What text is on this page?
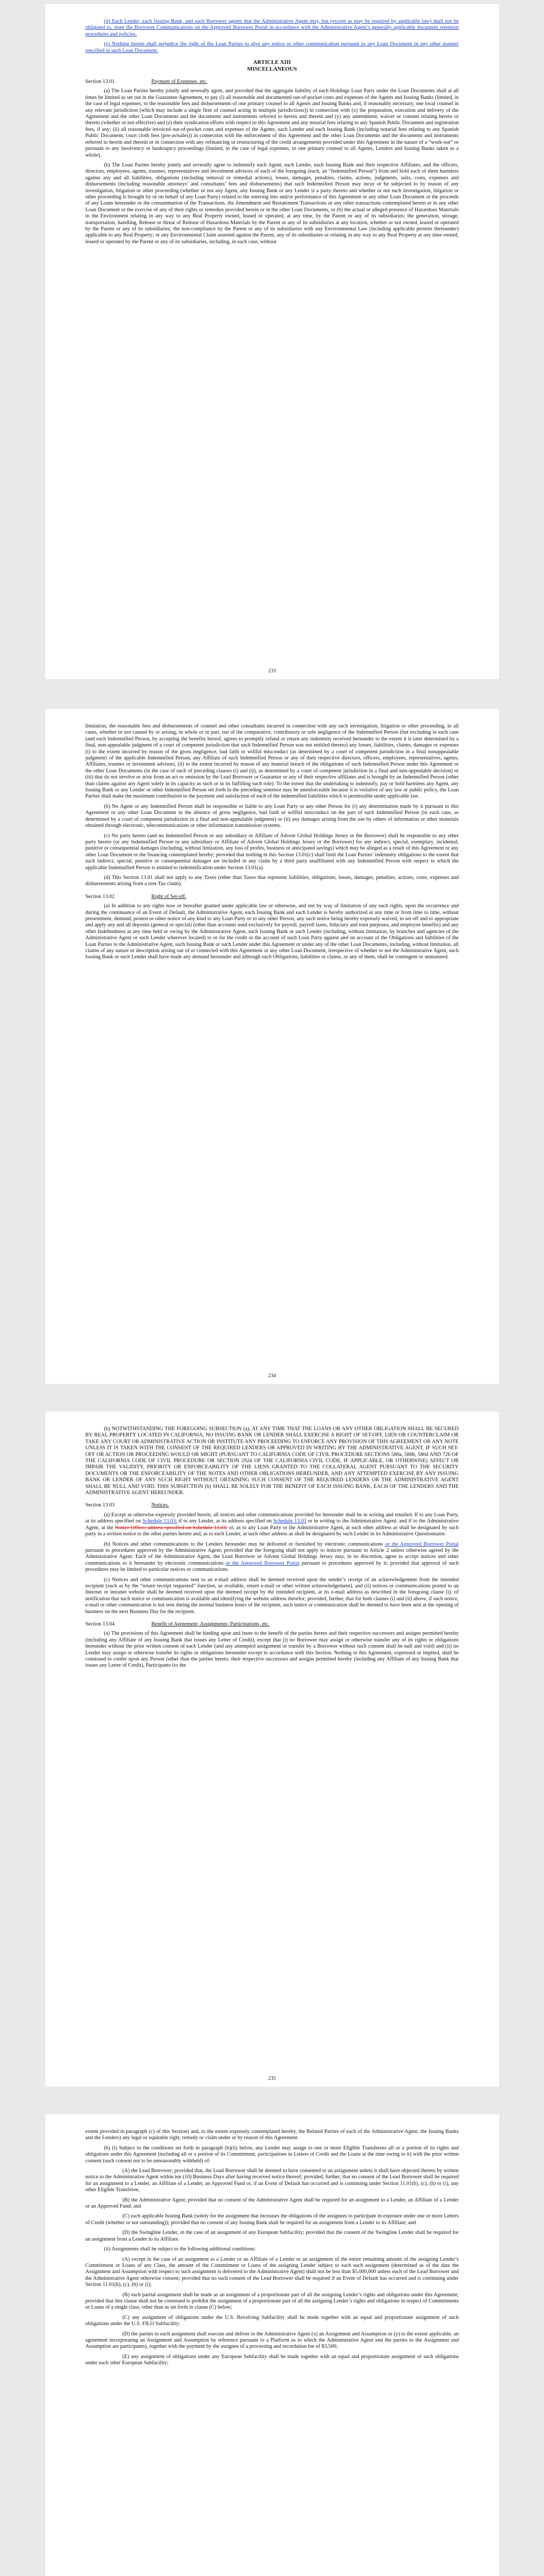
(d) Each Lender, each Issuing Bank, and each Borrower agrees that the Administrative Agent may, but (except as may be required by applicable law) shall not be obligated to, store the Borrower Communications on the Approved Borrower Portal in accordance with the Administrative Agent’s generally applicable document retention procedures and policies.

(e) Nothing herein shall prejudice the right of the Loan Parties to give any notice or other communication pursuant to any Loan Document in any other manner specified in such Loan Document.

ARTICLE XIII
MISCELLANEOUS
Section 13.01	Payment of Expenses, etc.

(a) The Loan Parties hereby jointly and severally agree, and provided that the aggregate liability of each Holdings Loan Party under the Loan Documents shall at all times be limited as set out in the Guarantee Agreement, to pay (i) all reasonable and documented out-of-pocket costs and expenses of the Agents and Issuing Banks (limited, in the case of legal expenses, to the reasonable fees and disbursements of one primary counsel to all Agents and Issuing Banks and, if reasonably necessary, one local counsel in any relevant jurisdiction (which may include a single firm of counsel acting in multiple jurisdictions)) in connection with (x) the preparation, execution and delivery of the Agreement and the other Loan Documents and the documents and instruments referred to herein and therein and (y) any amendment, waiver or consent relating hereto or thereto (whether or not effective) and (z) their syndication efforts with respect to this Agreement and any notarial fees relating to any Spanish Public Document and registration fees, if any; (ii) all reasonable invoiced out-of-pocket costs and expenses of the Agents, each Lender and each Issuing Bank (including notarial fees relating to any Spanish Public Document, court cloth fees (pre-avisales)) in connection with the enforcement of this Agreement and the other Loan Documents and the documents and instruments referred to herein and therein or in connection with any refinancing or restructuring of the credit arrangements provided under this Agreement in the nature of a “work-out” or pursuant to any insolvency or bankruptcy proceedings (limited, in the case of legal expenses, to one primary counsel to all Agents, Lenders and Issuing Banks taken as a whole).

(b) The Loan Parties hereby jointly and severally agree to indemnify each Agent, each Lender, each Issuing Bank and their respective Affiliates, and the officers, directors, employees, agents, trustees, representatives and investment advisors of each of the foregoing (each, an “Indemnified Person”) from and hold each of them harmless against any and all liabilities, obligations (including removal or remedial actions), losses, damages, penalties, claims, actions, judgments, suits, costs, expenses and disbursements (including reasonable attorneys’ and consultants’ fees and disbursements) that such Indemnified Person may incur or be subjected to by reason of any investigation, litigation or other proceeding (whether or not any Agent, any Issuing Bank or any Lender is a party thereto and whether or not such investigation, litigation or other proceeding is brought by or on behalf of any Loan Party) related to the entering into and/or performance of this Agreement or any other Loan Document or the proceeds of any Loans hereunder or the consummation of the Transactions, the Amendment and Restatement Transactions or any other transactions contemplated herein or in any other Loan Document or the exercise of any of their rights or remedies provided herein or in the other Loan Documents, or (b) the actual or alleged presence of Hazardous Materials in the Environment relating in any way to any Real Property owned, leased or operated, at any time, by the Parent or any of its subsidiaries; the generation, storage, transportation, handling, Release or threat of Release of Hazardous Materials by the Parent or any of its subsidiaries at any location, whether or not owned, leased or operated by the Parent or any of its subsidiaries; the non-compliance by the Parent or any of its subsidiaries with any Environmental Law (including applicable permits thereunder) applicable to any Real Property; or any Environmental Claim asserted against the Parent, any of its subsidiaries or relating in any way to any Real Property at any time owned, leased or operated by the Parent or any of its subsidiaries, including, in each case, without

233

limitation, the reasonable fees and disbursements of counsel and other consultants incurred in connection with any such investigation, litigation or other proceeding, in all cases, whether or not caused by or arising, in whole or in part, out of the comparative, contributory or sole negligence of the Indemnified Person (but excluding in each case (and each Indemnified Person, by accepting the benefits hereof, agrees to promptly refund or return any indemnity received hereunder to the extent it is later determined by a final, non-appealable judgment of a court of competent jurisdiction that such Indemnified Person was not entitled thereto) any losses, liabilities, claims, damages or expenses (i) to the extent incurred by reason of the gross negligence, bad faith or willful misconduct (as determined by a court of competent jurisdiction in a final nonappealable judgment) of the applicable Indemnified Person, any Affiliate of such Indemnified Person or any of their respective directors, officers, employees, representatives, agents, Affiliates, trustees or investment advisors, (ii) to the extent incurred by reason of any material breach of the obligations of such Indemnified Person under this Agreement or the other Loan Documents (in the case of each of preceding clauses (i) and (ii), as determined by a court of competent jurisdiction in a final and non-appealable decision) or (iii) that do not involve or arise from an act or omission by the Lead Borrower or Guarantor or any of their respective affiliates and is brought by an Indemnified Person (other than claims against any Agent solely in its capacity as such or in its fulfilling such role). To the extent that the undertaking to indemnify, pay or hold harmless any Agent, any Issuing Bank or any Lender or other Indemnified Person set forth in the preceding sentence may be unenforceable because it is violative of any law or public policy, the Loan Parties shall make the maximum contribution to the payment and satisfaction of each of the indemnified liabilities which is permissible under applicable law.

(b) No Agent or any Indemnified Person shall be responsible or liable to any Loan Party or any other Person for (i) any determination made by it pursuant to this Agreement or any other Loan Document in the absence of gross negligence, bad faith or willful misconduct on the part of such Indemnified Person (in each case, as determined by a court of competent jurisdiction in a final and non-appealable judgment) or (ii) any damages arising from the use by others of information or other materials obtained through electronic, telecommunications or other information transmission systems.

(c) No party hereto (and no Indemnified Person or any subsidiary or Affiliate of Advent Global Holdings Jersey or the Borrower) shall be responsible to any other party hereto (or any Indemnified Person or any subsidiary or Affiliate of Advent Global Holdings Jersey or the Borrower) for any indirect, special, exemplary, incidental, punitive or consequential damages (including, without limitation, any loss of profits, business or anticipated savings) which may be alleged as a result of this Agreement or any other Loan Document or the financing contemplated hereby; provided that nothing in this Section 13.01(c) shall limit the Loan Parties’ indemnity obligations to the extent that such indirect, special, punitive or consequential damages are included in any claim by a third party unaffiliated with any Indemnified Person with respect to which the applicable Indemnified Person is entitled to indemnification under Section 13.01(a).

(d) This Section 13.01 shall not apply to any Taxes (other than Taxes that represent liabilities, obligations, losses, damages, penalties, actions, costs, expenses and disbursements arising from a non-Tax claim).

Section 13.02	Right of Set-off.

(a) In addition to any rights now or hereafter granted under applicable law or otherwise, and not by way of limitation of any such rights, upon the occurrence and during the continuance of an Event of Default, the Administrative Agent, each Issuing Bank and each Lender is hereby authorized at any time or from time to time, without presentment, demand, protest or other notice of any kind to any Loan Party or to any other Person, any such notice being hereby expressly waived, to set off and to appropriate and apply any and all deposits (general or special) (other than accounts used exclusively for payroll, payroll taxes, fiduciary and trust purposes, and employee benefits) and any other Indebtedness at any time held or owing by the Administrative Agent, such Issuing Bank or such Lender (including, without limitation, by branches and agencies of the Administrative Agent or such Lender wherever located) to or for the credit or the account of such Loan Party against and on account of the Obligations and liabilities of the Loan Parties to the Administrative Agent, such Issuing Bank or such Lender under this Agreement or under any of the other Loan Documents, including, without limitation, all claims of any nature or description arising out of or connected with this Agreement or any other Loan Document, irrespective of whether or not the Administrative Agent, such Issuing Bank or such Lender shall have made any demand hereunder and although such Obligations, liabilities or claims, or any of them, shall be contingent or unmatured.

234

(b) NOTWITHSTANDING THE FOREGOING SUBSECTION (a), AT ANY TIME THAT THE LOANS OR ANY OTHER OBLIGATION SHALL BE SECURED BY REAL PROPERTY LOCATED IN CALIFORNIA, NO ISSUING BANK OR LENDER SHALL EXERCISE A RIGHT OF SET-OFF, LIEN OR COUNTERCLAIM OR TAKE ANY COURT OR ADMINISTRATIVE ACTION OR INSTITUTE ANY PROCEEDING TO ENFORCE ANY PROVISION OF THIS AGREEMENT OR ANY NOTE UNLESS IT IS TAKEN WITH THE CONSENT OF THE REQUIRED LENDERS OR APPROVED IN WRITING BY THE ADMINISTRATIVE AGENT, IF SUCH SET-OFF OR ACTION OR PROCEEDING WOULD OR MIGHT (PURSUANT TO CALIFORNIA CODE OF CIVIL PROCEDURE SECTIONS 580a, 580b, 580d AND 726 OF THE CALIFORNIA CODE OF CIVIL PROCEDURE OR SECTION 2924 OF THE CALIFORNIA CIVIL CODE, IF APPLICABLE, OR OTHERWISE) AFFECT OR IMPAIR THE VALIDITY, PRIORITY OR ENFORCEABILITY OF THE LIENS GRANTED TO THE COLLATERAL AGENT PURSUANT TO THE SECURITY DOCUMENTS OR THE ENFORCEABILITY OF THE NOTES AND OTHER OBLIGATIONS HEREUNDER, AND ANY ATTEMPTED EXERCISE BY ANY ISSUING BANK OR LENDER OF ANY SUCH RIGHT WITHOUT OBTAINING SUCH CONSENT OF THE REQUIRED LENDERS OR THE ADMINISTRATIVE AGENT SHALL BE NULL AND VOID. THIS SUBSECTION (b) SHALL BE SOLELY FOR THE BENEFIT OF EACH ISSUING BANK, EACH OF THE LENDERS AND THE ADMINISTRATIVE AGENT HEREUNDER.

Section 13.03	Notices.

(a) Except as otherwise expressly provided herein, all notices and other communications provided for hereunder shall be in writing and emailed. If to any Loan Party, at its address specified on Schedule 13.03; if to any Lender, at its address specified on Schedule 13.03 or in writing to the Administrative Agent; and if to the Administrative Agent, at the Notice Office; address specified on Schedule 13.03; or, as to any Loan Party or the Administrative Agent, at such other address as shall be designated by such party in a written notice to the other parties hereto and, as to each Lender, at such other address as shall be designated by such Lender in its Administrative Questionnaire.

(b) Notices and other communications to the Lenders hereunder may be delivered or furnished by electronic communications or the Approved Borrower Portal pursuant to procedures approved by the Administrative Agent; provided that the foregoing shall not apply to notices pursuant to Article 2 unless otherwise agreed by the Administrative Agent. Each of the Administrative Agent, the Lead Borrower or Advent Global Holdings Jersey may, in its discretion, agree to accept notices and other communications to it hereunder by electronic communications or the Approved Borrower Portal pursuant to procedures approved by it; provided that approval of such procedures may be limited to particular notices or communications.

(c) Notices and other communications sent to an e-mail address shall be deemed received upon the sender’s receipt of an acknowledgement from the intended recipient (such as by the “return receipt requested” function, as available, return e-mail or other written acknowledgement), and (ii) notices or communications posted to an Internet or intranet website shall be deemed received upon the deemed receipt by the intended recipient, at its e-mail address as described in the foregoing clause (i), of notification that such notice or communication is available and identifying the website address therefor; provided, further, that for both clauses (i) and (ii) above, if such notice, e-mail or other communication is not sent during the normal business hours of the recipient, such notice or communication shall be deemed to have been sent at the opening of business on the next Business Day for the recipient.

Section 13.04	Benefit of Agreement; Assignments; Participations, etc.

(a) The provisions of this Agreement shall be binding upon and inure to the benefit of the parties hereto and their respective successors and assigns permitted hereby (including any Affiliate of any Issuing Bank that issues any Letter of Credit), except that (i) no Borrower may assign or otherwise transfer any of its rights or obligations hereunder without the prior written consent of each Lender (and any attempted assignment or transfer by a Borrower without such consent shall be null and void) and (ii) no Lender may assign or otherwise transfer its rights or obligations hereunder except in accordance with this Section. Nothing in this Agreement, expressed or implied, shall be construed to confer upon any Person (other than the parties hereto, their respective successors and assigns permitted hereby (including any Affiliate of any Issuing Bank that issues any Letter of Credit), Participants (to the

235

extent provided in paragraph (c) of this Section) and, to the extent expressly contemplated hereby, the Related Parties of each of the Administrative Agent, the Issuing Banks and the Lenders) any legal or equitable right, remedy or claim under or by reason of this Agreement.

(b) (i) Subject to the conditions set forth in paragraph (b)(ii) below, any Lender may assign to one or more Eligible Transferees all or a portion of its rights and obligations under this Agreement (including all or a portion of its Commitment, participations in Letters of Credit and the Loans at the time owing to it) with the prior written consent (such consent not to be unreasonably withheld) of:

(A) the Lead Borrower; provided that, the Lead Borrower shall be deemed to have consented to an assignment unless it shall have objected thereto by written notice to the Administrative Agent within ten (10) Business Days after having received notice thereof; provided, further, that no consent of the Lead Borrower shall be required for an assignment to a Lender, an Affiliate of a Lender, an Approved Fund or, if an Event of Default has occurred and is continuing under Section 11.01(b), (c), (h) or (i), any other Eligible Transferee;

(B) the Administrative Agent; provided that no consent of the Administrative Agent shall be required for an assignment to a Lender, an Affiliate of a Lender or an Approved Fund; and

(C) each applicable Issuing Bank (solely for the assignment that increases the obligations of the assignees to participate in exposure under one or more Letters of Credit (whether or not outstanding)); provided that no consent of any Issuing Bank shall be required for an assignment from a Lender to its Affiliate; and

(D) the Swingline Lender, in the case of an assignment of any European Subfacility; provided that the consent of the Swingline Lender shall be required for an assignment from a Lender to its Affiliate.

(ii) Assignments shall be subject to the following additional conditions:

(A) except in the case of an assignment to a Lender or an Affiliate of a Lender or an assignment of the entire remaining amount of the assigning Lender’s Commitment or Loans of any Class, the amount of the Commitment or Loans of the assigning Lender subject to each such assignment (determined as of the date the Assignment and Assumption with respect to such assignment is delivered to the Administrative Agent) shall not be less than $5,000,000 unless each of the Lead Borrower and the Administrative Agent otherwise consent; provided that no such consent of the Lead Borrower shall be required if an Event of Default has occurred and is continuing under Section 11.01(b), (c), (h) or (i);

(B) each partial assignment shall be made as an assignment of a proportionate part of all the assigning Lender’s rights and obligations under this Agreement; provided that this clause shall not be construed to prohibit the assignment of a proportionate part of all the assigning Lender’s rights and obligations in respect of Commitments or Loans of a single class, other than as set forth in clause (C) below;

(C) any assignment of obligations under the U.S. Revolving Subfacility shall be made together with an equal and proportionate assignment of such obligations under the U.S. FILO Subfacility;

(D) the parties to each assignment shall execute and deliver to the Administrative Agent (x) an Assignment and Assumption or (y) to the extent applicable, an agreement incorporating an Assignment and Assumption by reference pursuant to a Platform as to which the Administrative Agent and the parties to the Assignment and Assumption are participants), together with the payment by the assignee of a processing and recordation fee of $3,500;

(E) any assignment of obligations under any European Subfacility shall be made together with an equal and proportionate assignment of such obligations under each other European Subfacility;
